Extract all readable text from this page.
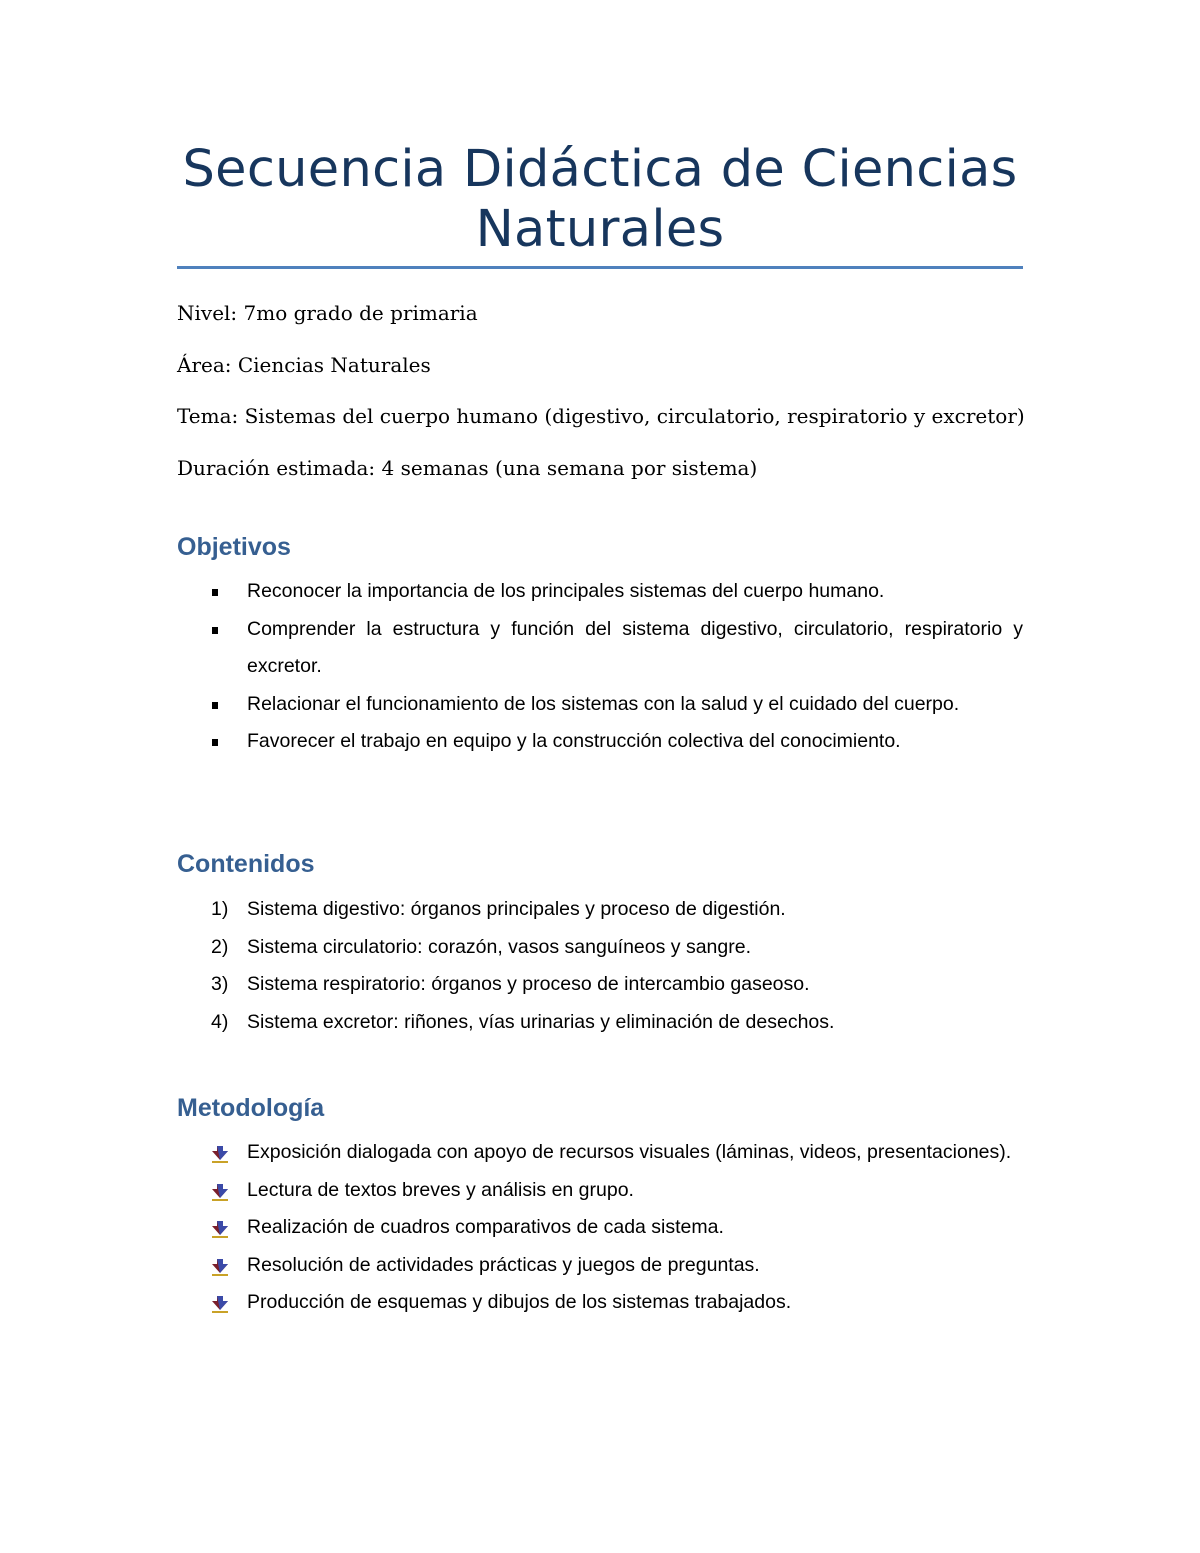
Secuencia Didáctica de Ciencias Naturales

Nivel: 7mo grado de primaria

Área: Ciencias Naturales

Tema: Sistemas del cuerpo humano (digestivo, circulatorio, respiratorio y excretor)

Duración estimada: 4 semanas (una semana por sistema)

Objetivos
Reconocer la importancia de los principales sistemas del cuerpo humano.
Comprender la estructura y función del sistema digestivo, circulatorio, respiratorio y excretor.
Relacionar el funcionamiento de los sistemas con la salud y el cuidado del cuerpo.
Favorecer el trabajo en equipo y la construcción colectiva del conocimiento.
Contenidos
1) Sistema digestivo: órganos principales y proceso de digestión.
2) Sistema circulatorio: corazón, vasos sanguíneos y sangre.
3) Sistema respiratorio: órganos y proceso de intercambio gaseoso.
4) Sistema excretor: riñones, vías urinarias y eliminación de desechos.
Metodología
Exposición dialogada con apoyo de recursos visuales (láminas, videos, presentaciones).
Lectura de textos breves y análisis en grupo.
Realización de cuadros comparativos de cada sistema.
Resolución de actividades prácticas y juegos de preguntas.
Producción de esquemas y dibujos de los sistemas trabajados.
